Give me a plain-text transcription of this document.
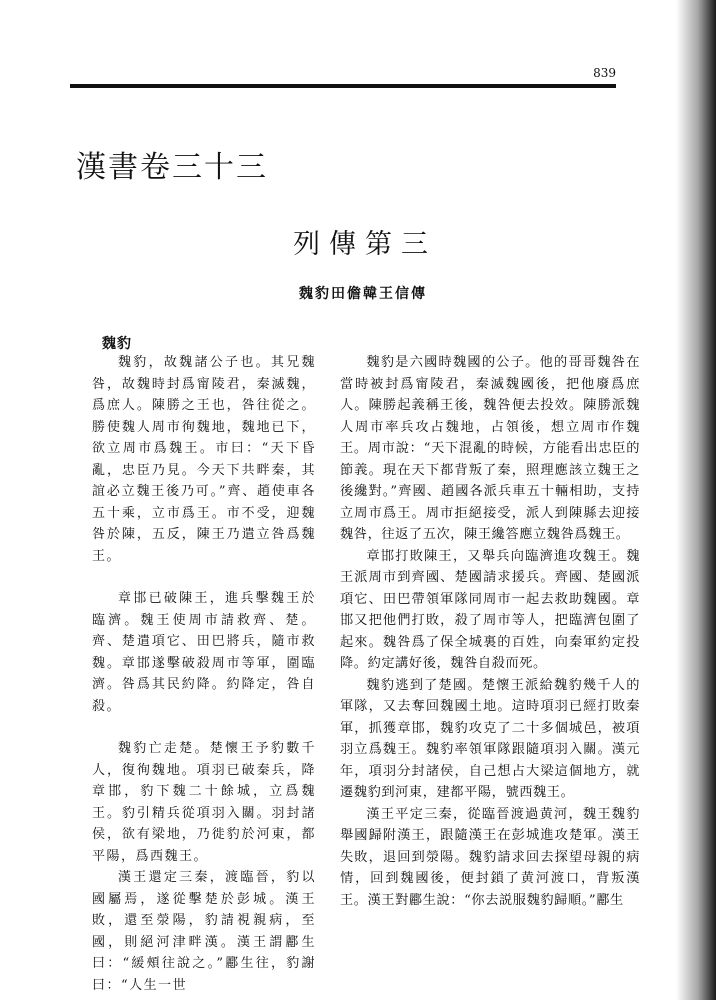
839
漢書卷三十三
列傳第三
魏豹田儋韓王信傳
魏豹

魏豹，故魏諸公子也。其兄魏咎，故魏時封爲甯陵君，秦滅魏，爲庶人。陳勝之王也，咎往從之。勝使魏人周市徇魏地，魏地已下，欲立周市爲魏王。市曰：“天下昏亂，忠臣乃見。今天下共畔秦，其誼必立魏王後乃可。”齊、趙使車各五十乘，立市爲王。市不受，迎魏咎於陳，五反，陳王乃遣立咎爲魏王。

章邯已破陳王，進兵擊魏王於臨濟。魏王使周市請救齊、楚。齊、楚遣項它、田巴將兵，隨市救魏。章邯遂擊破殺周市等軍，圍臨濟。咎爲其民約降。約降定，咎自殺。

魏豹亡走楚。楚懷王予豹數千人，復徇魏地。項羽已破秦兵，降章邯，豹下魏二十餘城，立爲魏王。豹引精兵從項羽入關。羽封諸侯，欲有梁地，乃徙豹於河東，都平陽，爲西魏王。

漢王還定三秦，渡臨晉，豹以國屬焉，遂從擊楚於彭城。漢王敗，還至滎陽，豹請視親病，至國，則絕河津畔漢。漢王謂酈生曰：“緩頰往說之。”酈生往，豹謝曰：“人生一世

魏豹是六國時魏國的公子。他的哥哥魏咎在當時被封爲甯陵君，秦滅魏國後，把他廢爲庶人。陳勝起義稱王後，魏咎便去投效。陳勝派魏人周市率兵攻占魏地，占領後，想立周市作魏王。周市說：“天下混亂的時候，方能看出忠臣的節義。現在天下都背叛了秦，照理應該立魏王之後纔對。”齊國、趙國各派兵車五十輛相助，支持立周市爲王。周市拒絕接受，派人到陳縣去迎接魏咎，往返了五次，陳王纔答應立魏咎爲魏王。

章邯打敗陳王，又舉兵向臨濟進攻魏王。魏王派周市到齊國、楚國請求援兵。齊國、楚國派項它、田巴帶領軍隊同周市一起去救助魏國。章邯又把他們打敗，殺了周市等人，把臨濟包圍了起來。魏咎爲了保全城裏的百姓，向秦軍約定投降。約定講好後，魏咎自殺而死。

魏豹逃到了楚國。楚懷王派給魏豹幾千人的軍隊，又去奪回魏國土地。這時項羽已經打敗秦軍，抓獲章邯，魏豹攻克了二十多個城邑，被項羽立爲魏王。魏豹率領軍隊跟隨項羽入關。漢元年，項羽分封諸侯，自己想占大梁這個地方，就遷魏豹到河東，建都平陽，號西魏王。

漢王平定三秦，從臨晉渡過黄河，魏王魏豹舉國歸附漢王，跟隨漢王在彭城進攻楚軍。漢王失敗，退回到滎陽。魏豹請求回去探望母親的病情，回到魏國後，便封鎖了黄河渡口，背叛漢王。漢王對酈生說：“你去説服魏豹歸順。”酈生
